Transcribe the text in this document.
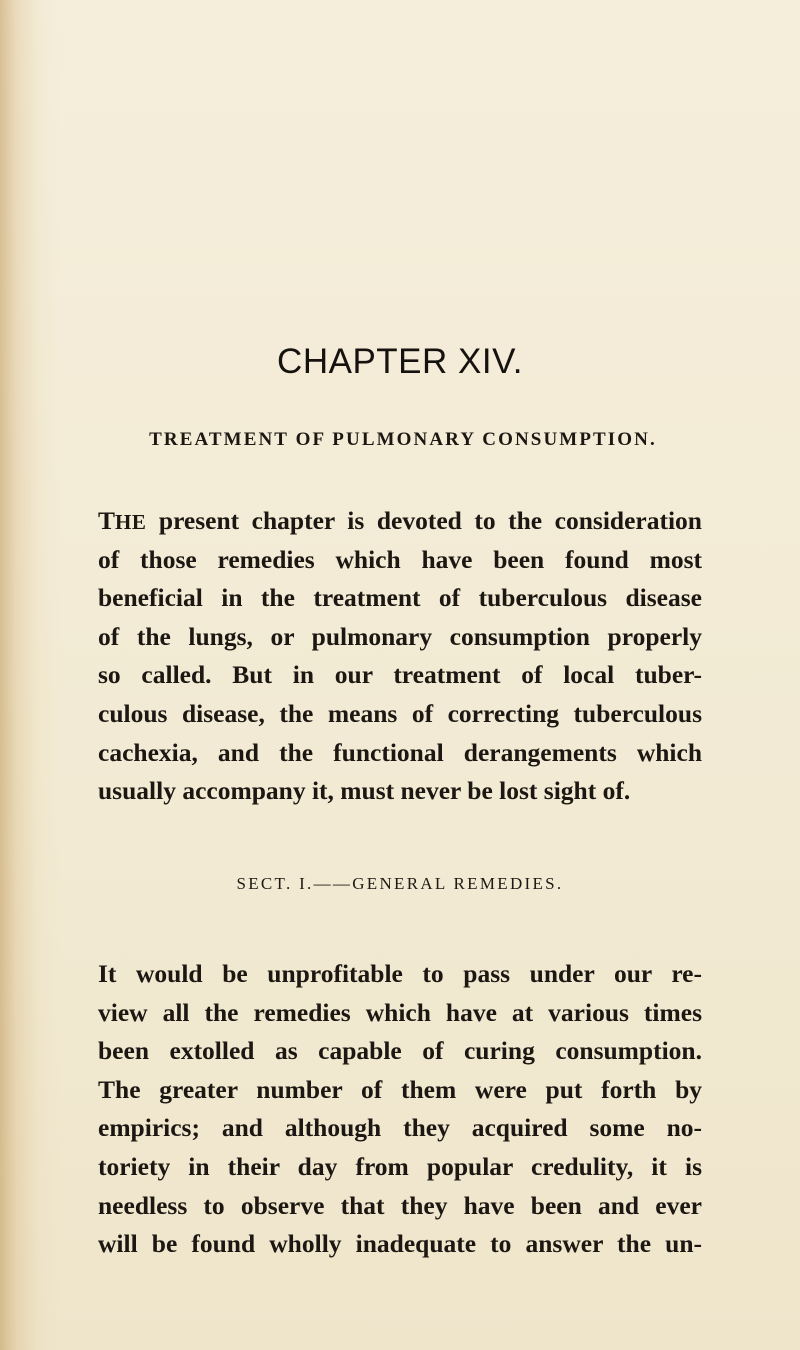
CHAPTER XIV.
TREATMENT OF PULMONARY CONSUMPTION.
THE present chapter is devoted to the consideration
of those remedies which have been found most
beneficial in the treatment of tuberculous disease
of the lungs, or pulmonary consumption properly
so called. But in our treatment of local tuber-
culous disease, the means of correcting tuberculous
cachexia, and the functional derangements which
usually accompany it, must never be lost sight of.
SECT. I.——GENERAL REMEDIES.
It would be unprofitable to pass under our re-
view all the remedies which have at various times
been extolled as capable of curing consumption.
The greater number of them were put forth by
empirics; and although they acquired some no-
toriety in their day from popular credulity, it is
needless to observe that they have been and ever
will be found wholly inadequate to answer the un-
